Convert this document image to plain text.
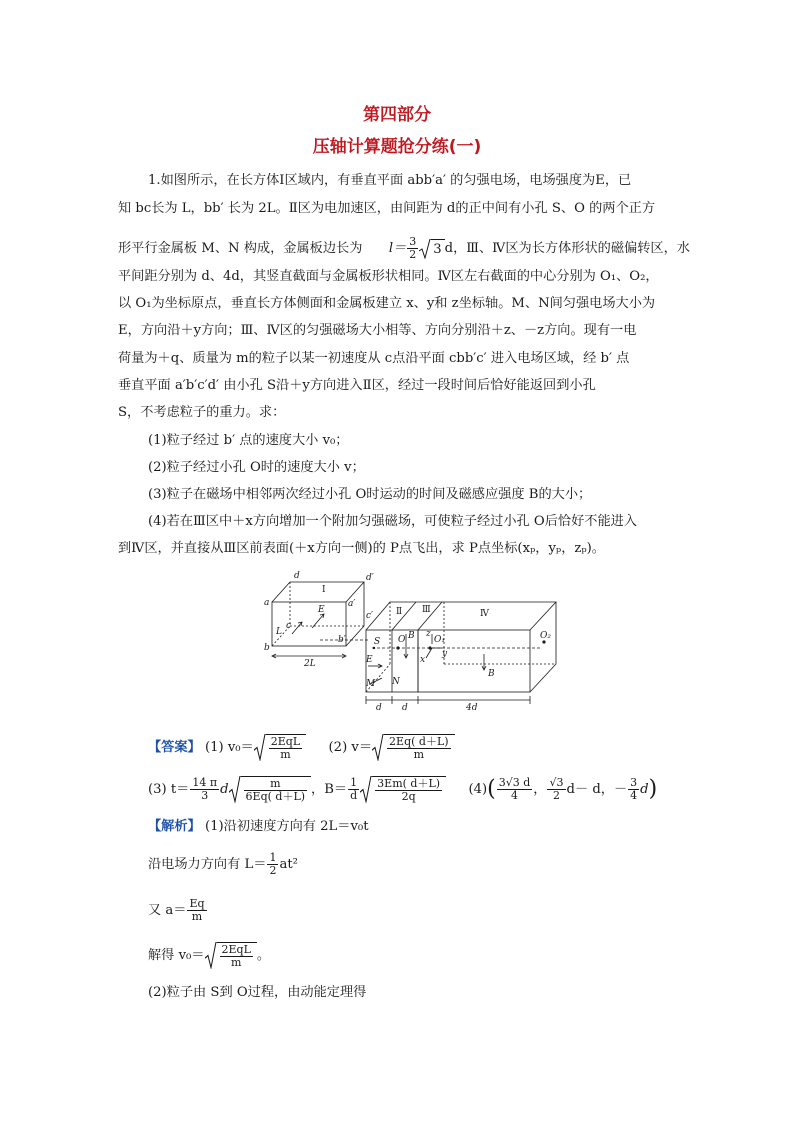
第四部分
压轴计算题抢分练(一)
1.如图所示，在长方体Ⅰ区域内，有垂直平面 abb′a′ 的匀强电场，电场强度为E，已
知 bc长为 L，bb′ 长为 2L。Ⅱ区为电加速区，由间距为 d的正中间有小孔 S、O 的两个正方
形平行金属板 M、N 构成，金属板边长为 $l= \frac{3}{2} 3$ d，Ⅲ、Ⅳ区为长方体形状的磁偏转区，水
平间距分别为 d、4d，其竖直截面与金属板形状相同。Ⅳ区左右截面的中心分别为 O₁、O₂，
以 O₁为坐标原点，垂直长方体侧面和金属板建立 x、y和 z坐标轴。M、N间匀强电场大小为
E，方向沿＋y方向；Ⅲ、Ⅳ区的匀强磁场大小相等、方向分别沿＋z、－z方向。现有一电
荷量为＋q、质量为 m的粒子以某一初速度从 c点沿平面 cbb′c′ 进入电场区域，经 b′ 点
垂直平面 a′b′c′d′ 由小孔 S沿＋y方向进入Ⅱ区，经过一段时间后恰好能返回到小孔
S，不考虑粒子的重力。求：
(1)粒子经过 b′ 点的速度大小 v₀；
(2)粒子经过小孔 O时的速度大小 v；
(3)粒子在磁场中相邻两次经过小孔 O时运动的时间及磁感应强度 B的大小；
(4)若在Ⅲ区中＋x方向增加一个附加匀强磁场，可使粒子经过小孔 O后恰好不能进入
到Ⅳ区，并直接从Ⅲ区前表面(＋x方向一侧)的 P点飞出，求 P点坐标(xₚ，yₚ，zₚ)。
d	d′
a	a′
b
b′
c
c′
E
L
2L
Ⅰ
Ⅱ Ⅲ	Ⅳ
S O	O₁	O₂
E
M N
B
B
z
y
x
d d	4d
【答案】 (1) $v_0= \frac{\text{2EqL}}{m} (2)$ $v= \frac{2Eq( d+L)}{m}$
(3) $t= \frac{14 \pi}{3}$ d $\frac{m}{6Eq( d+L)}$ ，$B= \frac{1}{d} \frac{3Em( d+L)}{2q} (4)( \frac{3√3 d}{4}$ ， $\frac{√3}{2} d- d$，－ $\frac{3}{4} d$)
【解析】 (1)沿初速度方向有 2L＝v₀t
沿电场力方向有 $L= \frac{1}{2} at^2$
又 $a= \frac{Eq}{m}$
解得 $v_0= \frac{\text{2EqL}}{m}$ 。
(2)粒子由 S到 O过程，由动能定理得
